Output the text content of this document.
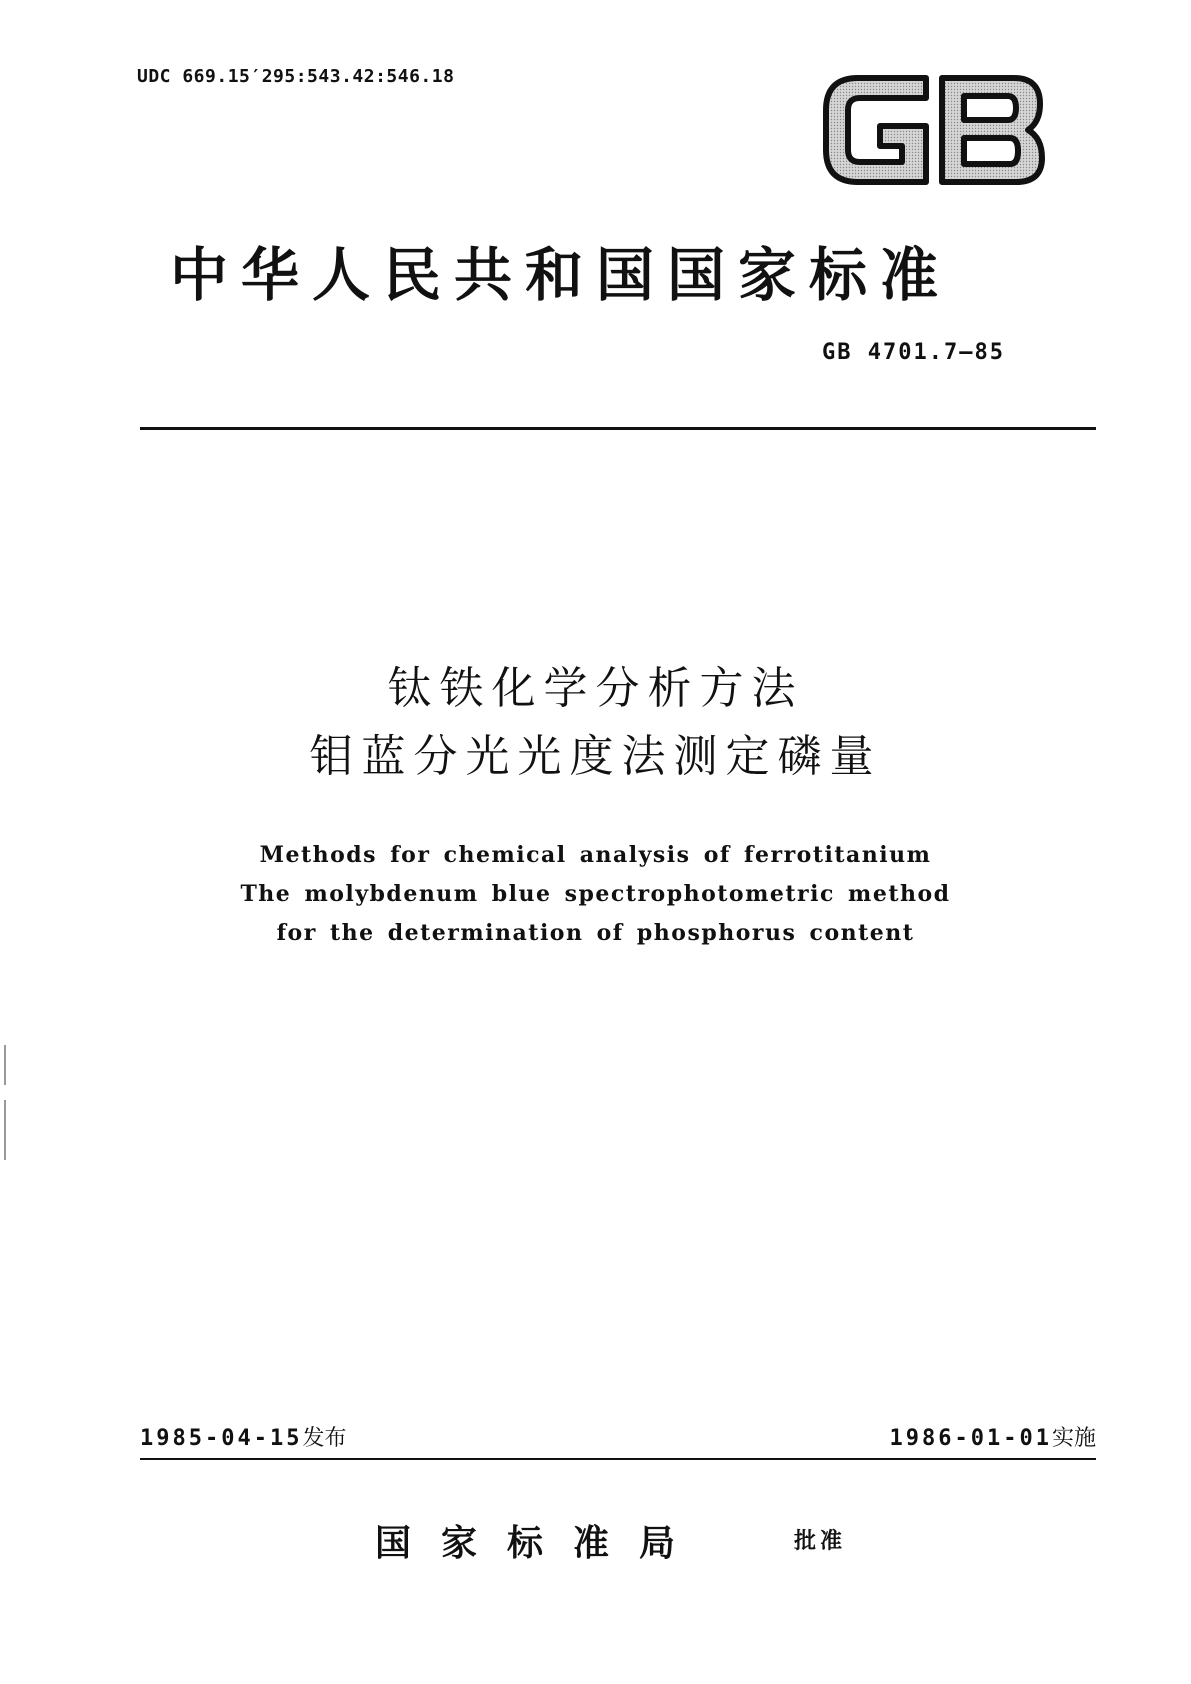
UDC 669.15′295:543.42:546.18
中华人民共和国国家标准
GB 4701.7—85
钛铁化学分析方法
钼蓝分光光度法测定磷量
Methods for chemical analysis of ferrotitanium
The molybdenum blue spectrophotometric method
for the determination of phosphorus content
1985-04-15发布	1986-01-01实施
国家标准局	批准
